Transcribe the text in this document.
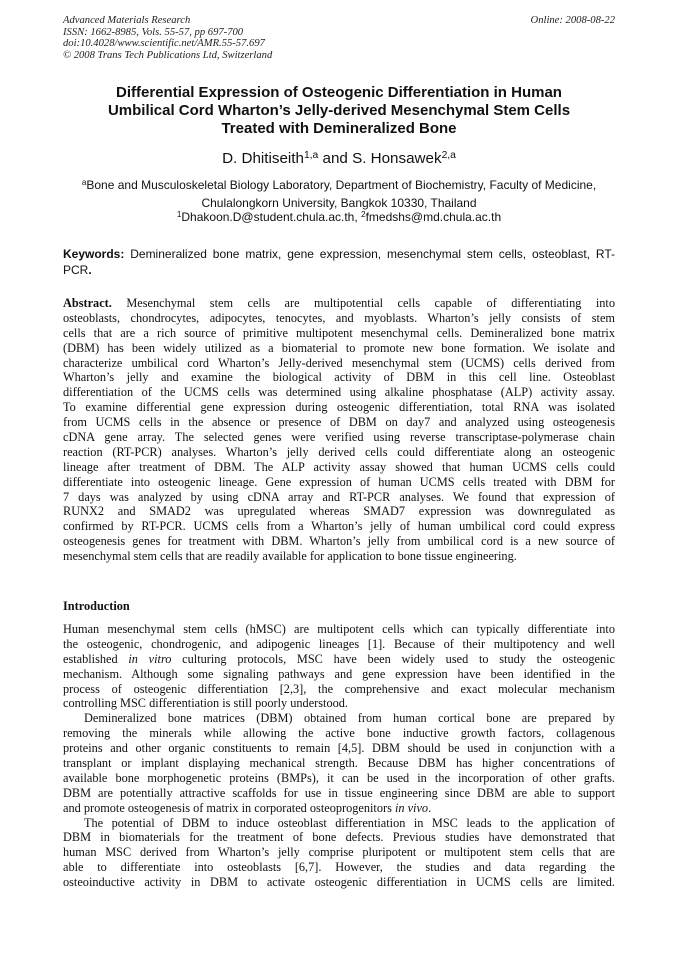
Advanced Materials Research
ISSN: 1662-8985, Vols. 55-57, pp 697-700
doi:10.4028/www.scientific.net/AMR.55-57.697
© 2008 Trans Tech Publications Ltd, Switzerland
Online: 2008-08-22
Differential Expression of Osteogenic Differentiation in Human
Umbilical Cord Wharton’s Jelly-derived Mesenchymal Stem Cells
Treated with Demineralized Bone
D. Dhitiseith$^{1,a}$ and S. Honsawek$^{2,a}$
$^a$Bone and Musculoskeletal Biology Laboratory, Department of Biochemistry, Faculty of Medicine,
Chulalongkorn University, Bangkok 10330, Thailand
$^1$Dhakoon.D@student.chula.ac.th, $^2$fmedshs@md.chula.ac.th
Keywords: Demineralized bone matrix, gene expression, mesenchymal stem cells, osteoblast, RT-PCR.
Abstract. Mesenchymal stem cells are multipotential cells capable of differentiating into
osteoblasts, chondrocytes, adipocytes, tenocytes, and myoblasts. Wharton’s jelly consists of stem
cells that are a rich source of primitive multipotent mesenchymal cells. Demineralized bone matrix
(DBM) has been widely utilized as a biomaterial to promote new bone formation. We isolate and
characterize umbilical cord Wharton’s Jelly-derived mesenchymal stem (UCMS) cells derived from
Wharton’s jelly and examine the biological activity of DBM in this cell line. Osteoblast
differentiation of the UCMS cells was determined using alkaline phosphatase (ALP) activity assay.
To examine differential gene expression during osteogenic differentiation, total RNA was isolated
from UCMS cells in the absence or presence of DBM on day7 and analyzed using osteogenesis
cDNA gene array. The selected genes were verified using reverse transcriptase-polymerase chain
reaction (RT-PCR) analyses. Wharton’s jelly derived cells could differentiate along an osteogenic
lineage after treatment of DBM. The ALP activity assay showed that human UCMS cells could
differentiate into osteogenic lineage. Gene expression of human UCMS cells treated with DBM for
7 days was analyzed by using cDNA array and RT-PCR analyses. We found that expression of
RUNX2 and SMAD2 was upregulated whereas SMAD7 expression was downregulated as
confirmed by RT-PCR. UCMS cells from a Wharton’s jelly of human umbilical cord could express
osteogenesis genes for treatment with DBM. Wharton’s jelly from umbilical cord is a new source of
mesenchymal stem cells that are readily available for application to bone tissue engineering.
Introduction
Human mesenchymal stem cells (hMSC) are multipotent cells which can typically differentiate into
the osteogenic, chondrogenic, and adipogenic lineages [1]. Because of their multipotency and well
established in vitro culturing protocols, MSC have been widely used to study the osteogenic
mechanism. Although some signaling pathways and gene expression have been identified in the
process of osteogenic differentiation [2,3], the comprehensive and exact molecular mechanism
controlling MSC differentiation is still poorly understood.
Demineralized bone matrices (DBM) obtained from human cortical bone are prepared by
removing the minerals while allowing the active bone inductive growth factors, collagenous
proteins and other organic constituents to remain [4,5]. DBM should be used in conjunction with a
transplant or implant displaying mechanical strength. Because DBM has higher concentrations of
available bone morphogenetic proteins (BMPs), it can be used in the incorporation of other grafts.
DBM are potentially attractive scaffolds for use in tissue engineering since DBM are able to support
and promote osteogenesis of matrix in corporated osteoprogenitors in vivo.
The potential of DBM to induce osteoblast differentiation in MSC leads to the application of
DBM in biomaterials for the treatment of bone defects. Previous studies have demonstrated that
human MSC derived from Wharton’s jelly comprise pluripotent or multipotent stem cells that are
able to differentiate into osteoblasts [6,7]. However, the studies and data regarding the
osteoinductive activity in DBM to activate osteogenic differentiation in UCMS cells are limited.
